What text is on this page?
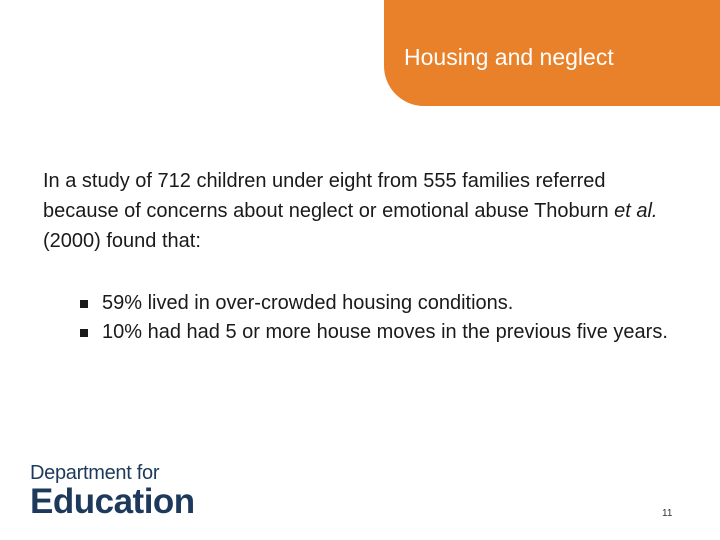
Housing and neglect
In a study of 712 children under eight from 555 families referred because of concerns about neglect or emotional abuse Thoburn et al. (2000) found that:
59% lived in over-crowded housing conditions.
10% had had 5 or more house moves in the previous five years.
Department for
Education	11
